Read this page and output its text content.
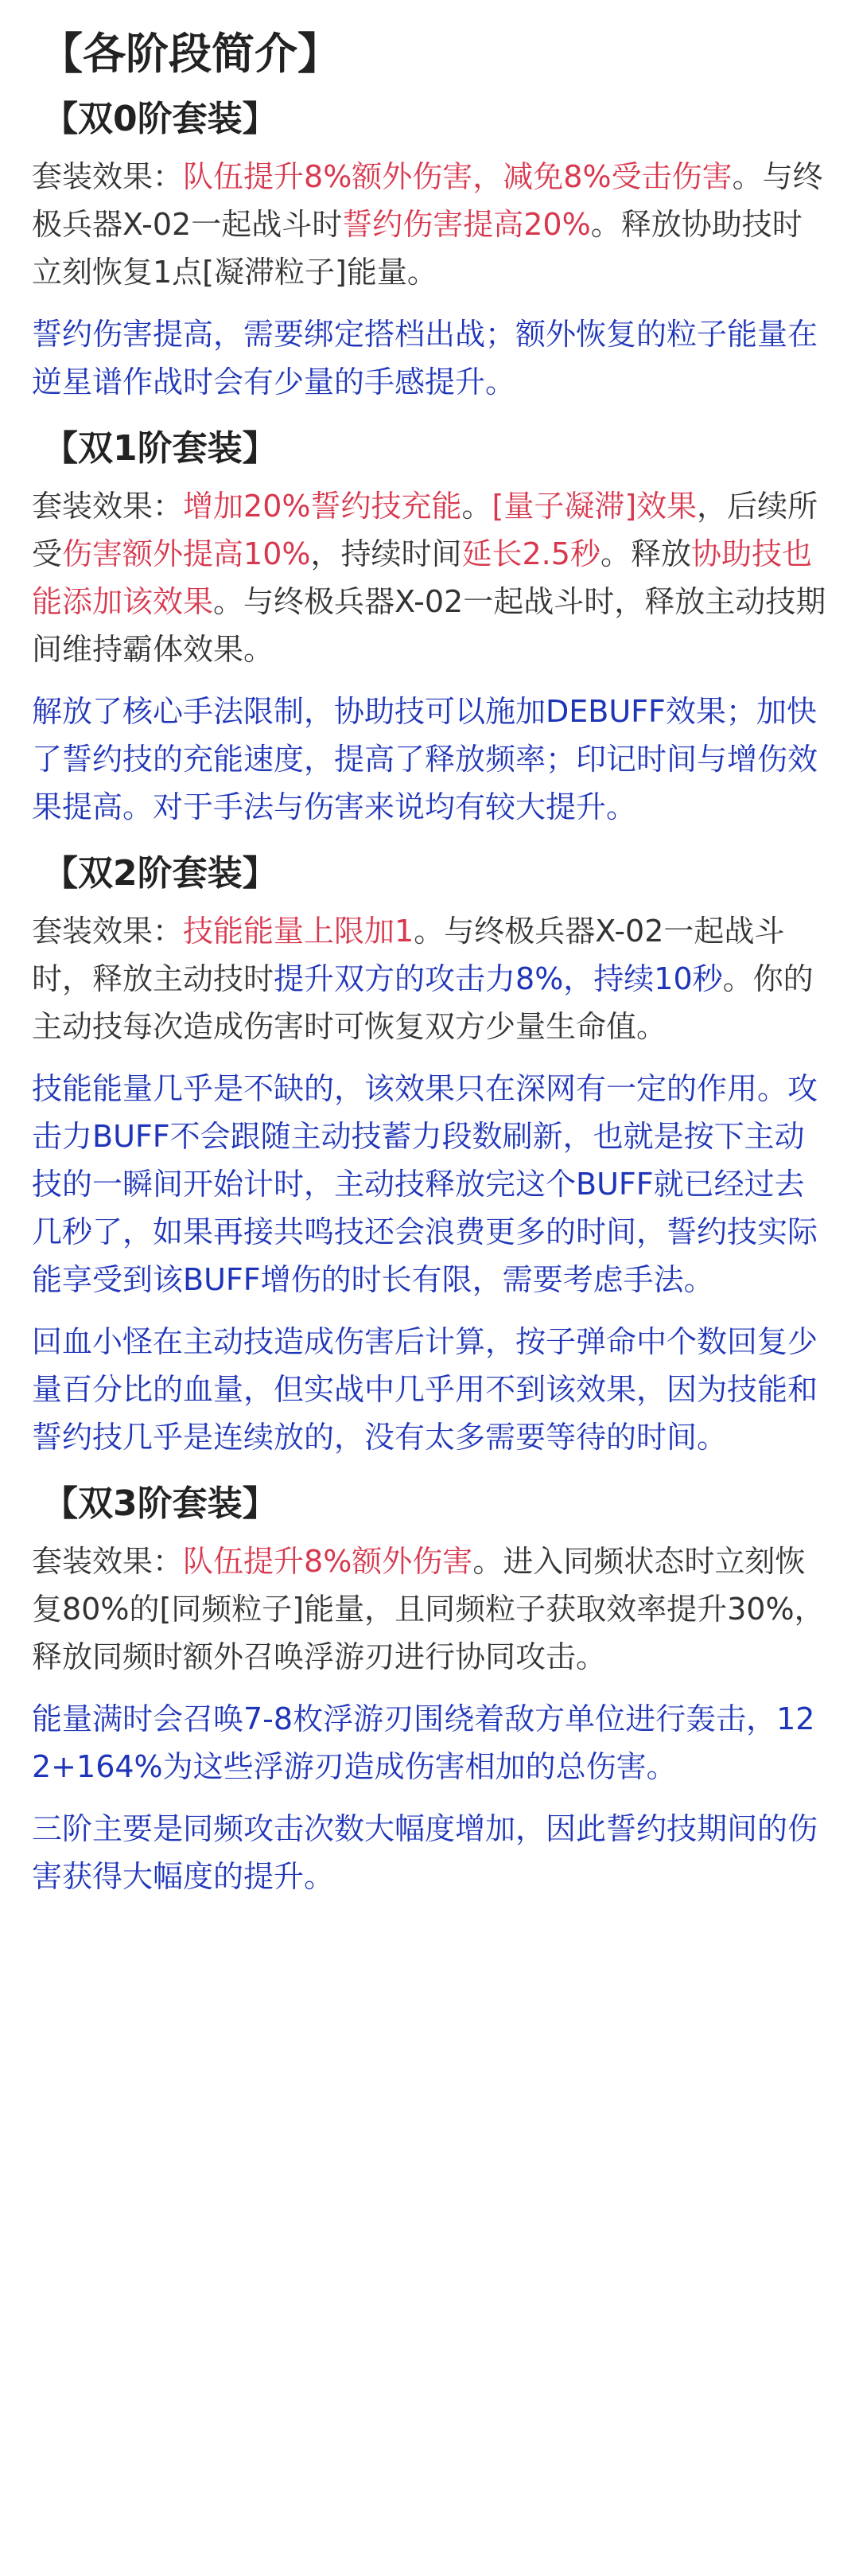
【各阶段简介】
【双0阶套装】
套装效果：队伍提升8%额外伤害，减免8%受击伤害。与终极兵器X-02一起战斗时誓约伤害提高20%。释放协助技时立刻恢复1点[凝滞粒子]能量。
誓约伤害提高，需要绑定搭档出战；额外恢复的粒子能量在逆星谱作战时会有少量的手感提升。
【双1阶套装】
套装效果：增加20%誓约技充能。[量子凝滞]效果，后续所受伤害额外提高10%，持续时间延长2.5秒。释放协助技也能添加该效果。与终极兵器X-02一起战斗时，释放主动技期间维持霸体效果。
解放了核心手法限制，协助技可以施加DEBUFF效果；加快了誓约技的充能速度，提高了释放频率；印记时间与增伤效果提高。对于手法与伤害来说均有较大提升。
【双2阶套装】
套装效果：技能能量上限加1。与终极兵器X-02一起战斗时，释放主动技时提升双方的攻击力8%，持续10秒。你的主动技每次造成伤害时可恢复双方少量生命值。
技能能量几乎是不缺的，该效果只在深网有一定的作用。攻击力BUFF不会跟随主动技蓄力段数刷新，也就是按下主动技的一瞬间开始计时，主动技释放完这个BUFF就已经过去几秒了，如果再接共鸣技还会浪费更多的时间，誓约技实际能享受到该BUFF增伤的时长有限，需要考虑手法。
回血小怪在主动技造成伤害后计算，按子弹命中个数回复少量百分比的血量，但实战中几乎用不到该效果，因为技能和誓约技几乎是连续放的，没有太多需要等待的时间。
【双3阶套装】
套装效果：队伍提升8%额外伤害。进入同频状态时立刻恢复80%的[同频粒子]能量，且同频粒子获取效率提升30%，释放同频时额外召唤浮游刃进行协同攻击。
能量满时会召唤7-8枚浮游刃围绕着敌方单位进行轰击，122+164%为这些浮游刃造成伤害相加的总伤害。
三阶主要是同频攻击次数大幅度增加，因此誓约技期间的伤害获得大幅度的提升。
